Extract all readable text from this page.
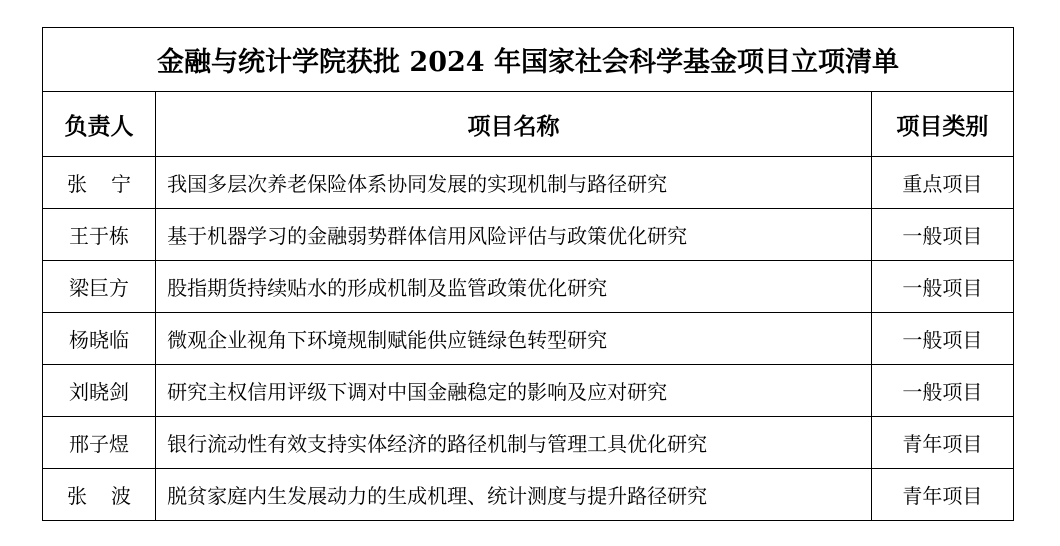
金融与统计学院获批 2024 年国家社会科学基金项目立项清单		
负责人	项目名称	项目类别
张宁	我国多层次养老保险体系协同发展的实现机制与路径研究	重点项目
王于栋	基于机器学习的金融弱势群体信用风险评估与政策优化研究	一般项目
梁巨方	股指期货持续贴水的形成机制及监管政策优化研究	一般项目
杨晓临	微观企业视角下环境规制赋能供应链绿色转型研究	一般项目
刘晓剑	研究主权信用评级下调对中国金融稳定的影响及应对研究	一般项目
邢子煜	银行流动性有效支持实体经济的路径机制与管理工具优化研究	青年项目
张波	脱贫家庭内生发展动力的生成机理、统计测度与提升路径研究	青年项目
